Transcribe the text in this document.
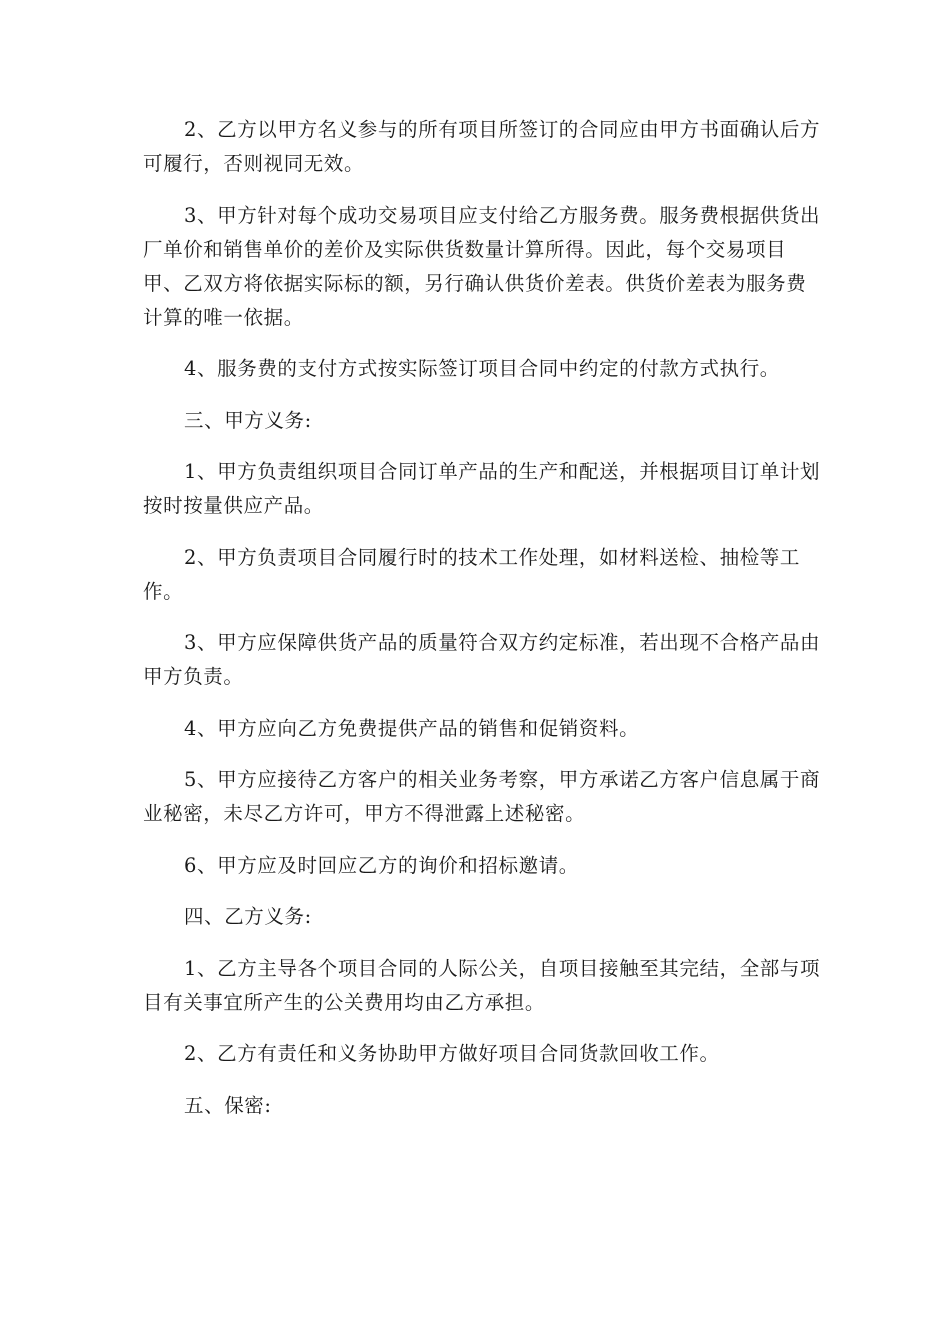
2、乙方以甲方名义参与的所有项目所签订的合同应由甲方书面确认后方
可履行，否则视同无效。

3、甲方针对每个成功交易项目应支付给乙方服务费。服务费根据供货出
厂单价和销售单价的差价及实际供货数量计算所得。因此，每个交易项目
甲、乙双方将依据实际标的额，另行确认供货价差表。供货价差表为服务费
计算的唯一依据。

4、服务费的支付方式按实际签订项目合同中约定的付款方式执行。

三、甲方义务:

1、甲方负责组织项目合同订单产品的生产和配送，并根据项目订单计划
按时按量供应产品。

2、甲方负责项目合同履行时的技术工作处理，如材料送检、抽检等工
作。

3、甲方应保障供货产品的质量符合双方约定标准，若出现不合格产品由
甲方负责。

4、甲方应向乙方免费提供产品的销售和促销资料。

5、甲方应接待乙方客户的相关业务考察，甲方承诺乙方客户信息属于商
业秘密，未尽乙方许可，甲方不得泄露上述秘密。

6、甲方应及时回应乙方的询价和招标邀请。

四、乙方义务:

1、乙方主导各个项目合同的人际公关，自项目接触至其完结，全部与项
目有关事宜所产生的公关费用均由乙方承担。

2、乙方有责任和义务协助甲方做好项目合同货款回收工作。

五、保密:
